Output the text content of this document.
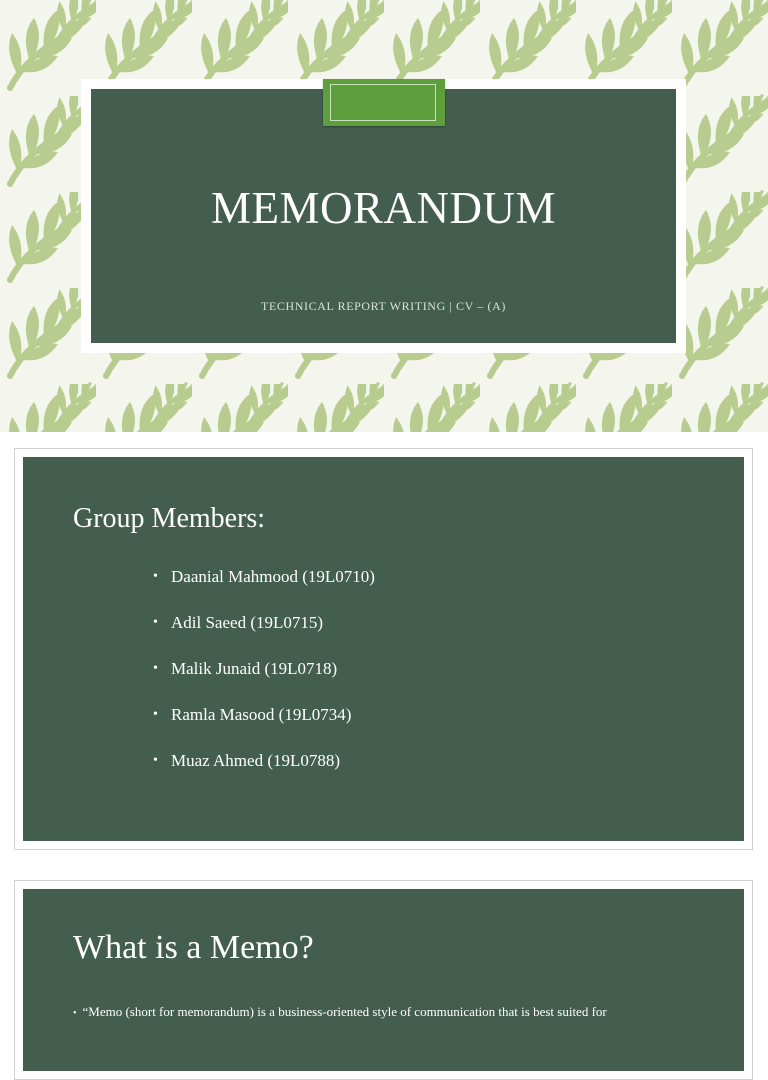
MEMORANDUM
TECHNICAL REPORT WRITING | CV – (A)
Group Members:
• Daanial Mahmood (19L0710)
• Adil Saeed (19L0715)
• Malik Junaid (19L0718)
• Ramla Masood (19L0734)
• Muaz Ahmed (19L0788)
What is a Memo?
• “Memo (short for memorandum) is a business-oriented style of communication that is best suited for
